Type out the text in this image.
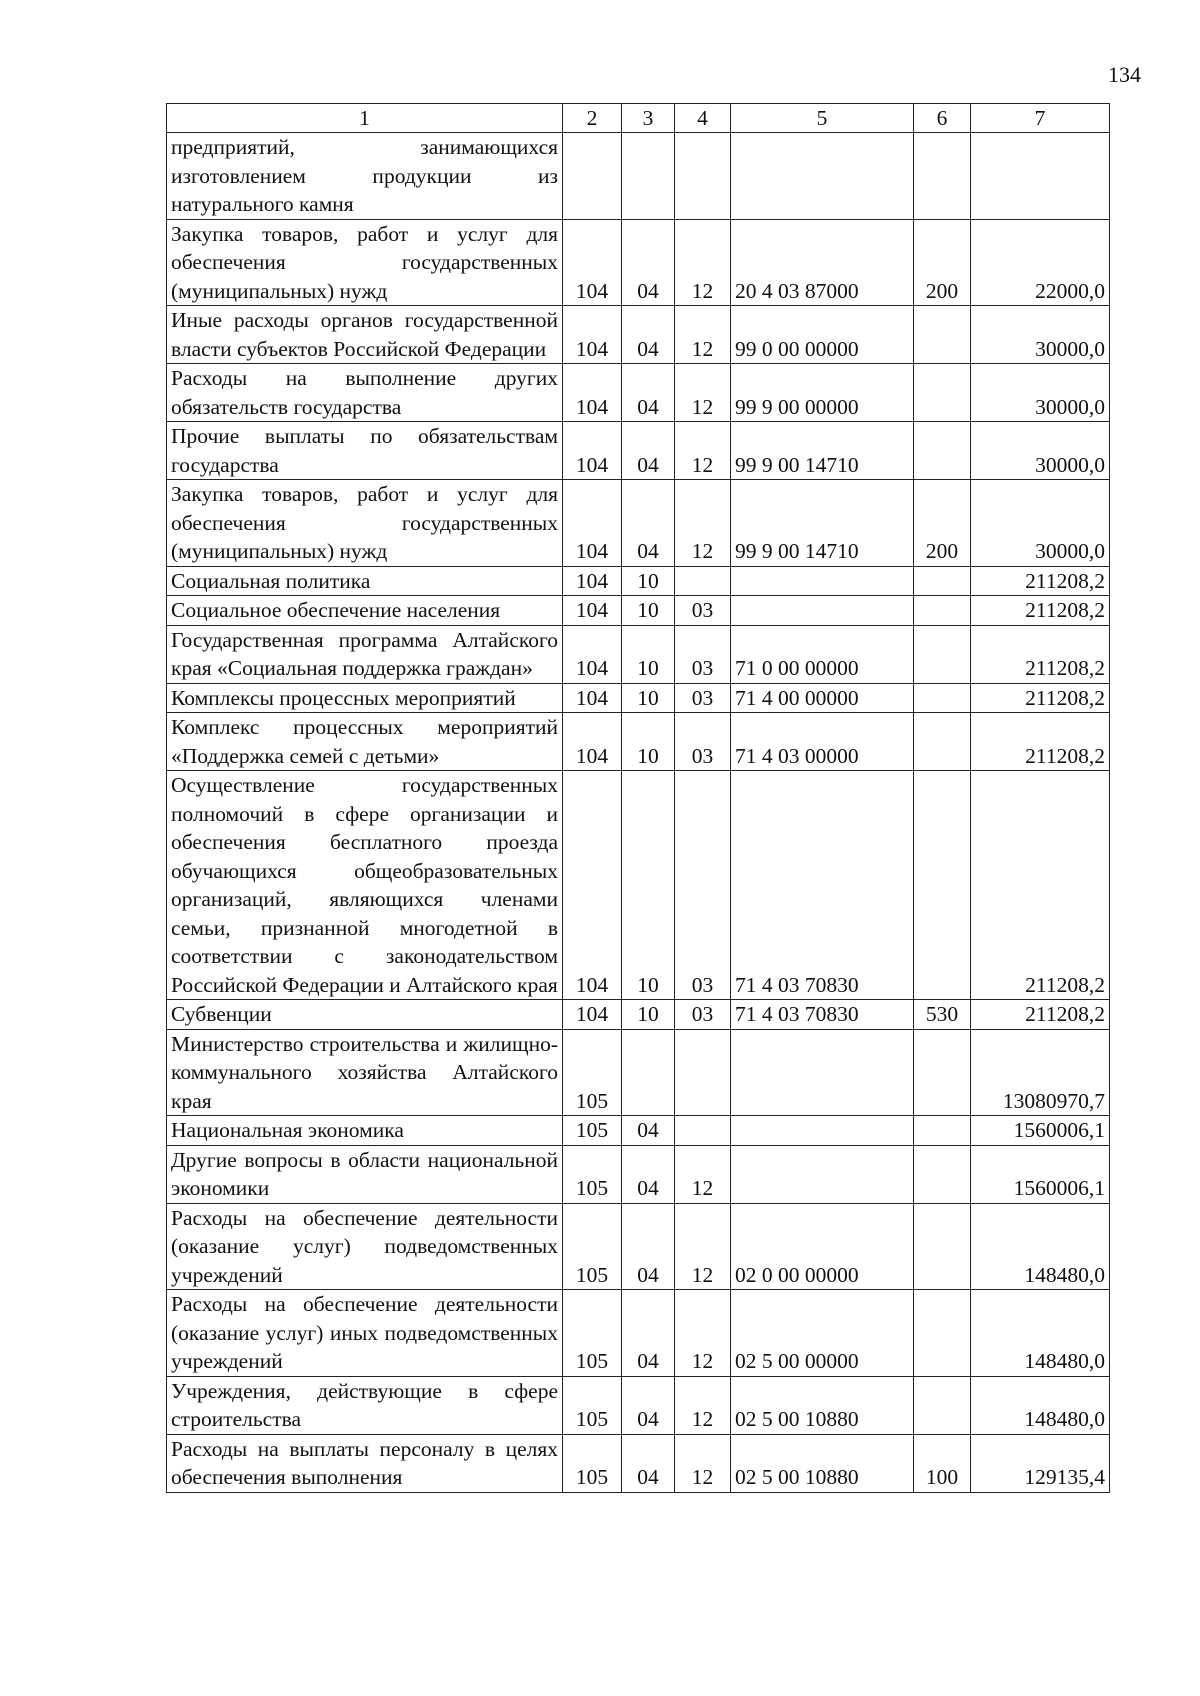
134
1	2	3	4	5	6	7
предприятий, занимающихся изготовлением продукции из натурального камня						
Закупка товаров, работ и услуг для обеспечения государственных (муниципальных) нужд	104	04	12	20 4 03 87000	200	22000,0
Иные расходы органов государственной власти субъектов Российской Федерации	104	04	12	99 0 00 00000		30000,0
Расходы на выполнение других обязательств государства	104	04	12	99 9 00 00000		30000,0
Прочие выплаты по обязательствам государства	104	04	12	99 9 00 14710		30000,0
Закупка товаров, работ и услуг для обеспечения государственных (муниципальных) нужд	104	04	12	99 9 00 14710	200	30000,0
Социальная политика	104	10				211208,2
Социальное обеспечение населения	104	10	03			211208,2
Государственная программа Алтайского края «Социальная поддержка граждан»	104	10	03	71 0 00 00000		211208,2
Комплексы процессных мероприятий	104	10	03	71 4 00 00000		211208,2
Комплекс процессных мероприятий «Поддержка семей с детьми»	104	10	03	71 4 03 00000		211208,2
Осуществление государственных полномочий в сфере организации и обеспечения бесплатного проезда обучающихся общеобразовательных организаций, являющихся членами семьи, признанной многодетной в соответствии с законодательством Российской Федерации и Алтайского края	104	10	03	71 4 03 70830		211208,2
Субвенции	104	10	03	71 4 03 70830	530	211208,2
Министерство строительства и жилищно-коммунального хозяйства Алтайского края	105					13080970,7
Национальная экономика	105	04				1560006,1
Другие вопросы в области национальной экономики	105	04	12			1560006,1
Расходы на обеспечение деятельности (оказание услуг) подведомственных учреждений	105	04	12	02 0 00 00000		148480,0
Расходы на обеспечение деятельности (оказание услуг) иных подведомственных учреждений	105	04	12	02 5 00 00000		148480,0
Учреждения, действующие в сфере строительства	105	04	12	02 5 00 10880		148480,0
Расходы на выплаты персоналу в целях обеспечения выполнения	105	04	12	02 5 00 10880	100	129135,4
